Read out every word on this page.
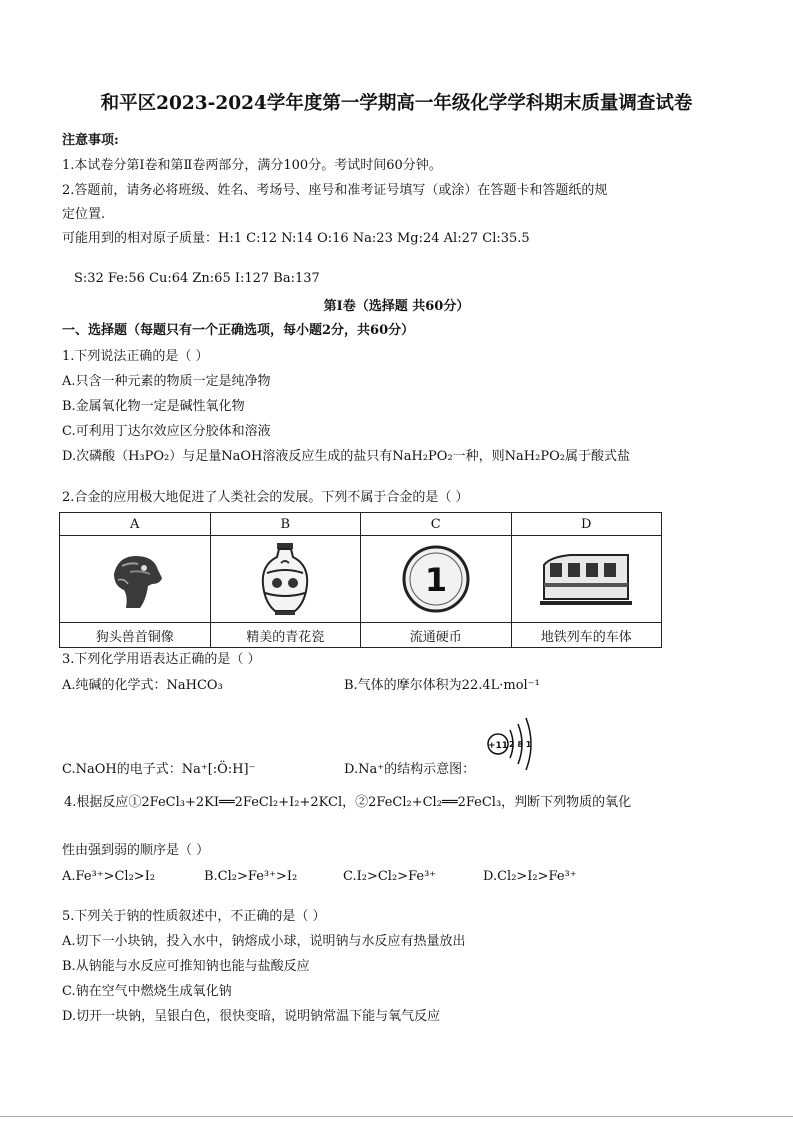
和平区2023-2024学年度第一学期高一年级化学学科期末质量调查试卷
注意事项:
1.本试卷分第Ⅰ卷和第Ⅱ卷两部分，满分100分。考试时间60分钟。
2.答题前，请务必将班级、姓名、考场号、座号和准考证号填写（或涂）在答题卡和答题纸的规
定位置.
可能用到的相对原子质量：H:1 C:12 N:14 O:16 Na:23 Mg:24 Al:27 Cl:35.5
S:32 Fe:56 Cu:64 Zn:65 I:127 Ba:137
第Ⅰ卷（选择题 共60分）
一、选择题（每题只有一个正确选项，每小题2分，共60分）
1.下列说法正确的是（ ）
A.只含一种元素的物质一定是纯净物
B.金属氧化物一定是碱性氧化物
C.可利用丁达尔效应区分胶体和溶液
D.次磷酸（H₃PO₂）与足量NaOH溶液反应生成的盐只有NaH₂PO₂一种，则NaH₂PO₂属于酸式盐
2.合金的应用极大地促进了人类社会的发展。下列不属于合金的是（ ）
A	B	C	D

1

狗头兽首铜像	精美的青花瓷	流通硬币	地铁列车的车体
3.下列化学用语表达正确的是（ ）
A.纯碱的化学式：NaHCO₃	B.气体的摩尔体积为22.4L·mol⁻¹
C.NaOH的电子式：Na⁺[:Ö:H]⁻	D.Na⁺的结构示意图：
+11 2 8 1
4.根据反应①2FeCl₃+2KI══2FeCl₂+I₂+2KCl，②2FeCl₂+Cl₂══2FeCl₃，判断下列物质的氧化
性由强到弱的顺序是（ ）
A.Fe³⁺>Cl₂>I₂	B.Cl₂>Fe³⁺>I₂	C.I₂>Cl₂>Fe³⁺	D.Cl₂>I₂>Fe³⁺
5.下列关于钠的性质叙述中，不正确的是（ ）
A.切下一小块钠，投入水中，钠熔成小球，说明钠与水反应有热量放出
B.从钠能与水反应可推知钠也能与盐酸反应
C.钠在空气中燃烧生成氧化钠
D.切开一块钠，呈银白色，很快变暗，说明钠常温下能与氧气反应
